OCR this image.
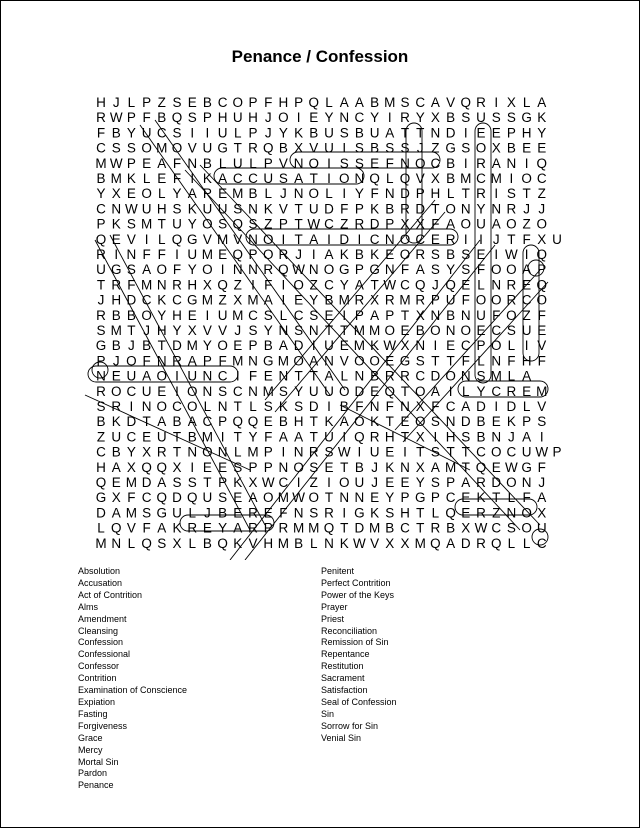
Penance / Confession
HJLPZSEBCOPFHPQLAABMSCAVQRIXLA
RWPFBQSPHUHJOIEYNCYIRYXBSUSSGK
FBYUCSIIULPJYKBUSBUATTNDIEEPHY
CSSOMOVUGTRQBXVUISBSSJZGSOXBEE
MWPEAFNBLULPVNOISSEFNOCBIRANIQ
BMKLEFIKACCUSATIONQLQVXBMCMIOC
YXEOLYAPEMBLJNOLIYFNDPHLTRISTZ
CNWUHSKUUSNKVTUDFPKBRDTONYNRJJ
PKSMTUYOSQSZPTWCZRDPXXFAOUAOZO
QEVILQGVMVNOITAIDICNOCERIIJTFXU
RINFFIUMEQPORJIAKBKEORSBSEIWIQ
UGSAOFYOINNRQWNOGPGNFASYSFOOAP
TRFMNRHXQZIFIOZCYATWCQJQELNREQ
JHDCKCGMZXMAIEYBMRXRMRPUFOORCO
RBBOYHEIUMCSLCSEIPAPTXNBNUFOZF
SMTJHYXVVJSYNSNTTMMOEBONOECSUE
GBJBTDMYOEPBADIUEMKWXNIECPOLIV
PJOFNRAPFMNGMOANVOOEGSTTFLNFHF
NEUAOIUNCIFENTTALNBRRCDONSMLA
ROCUEIONSCNMSYUUODEQTOAILYCREM
SRINOCOLNTLSKSDIBFNFNXFCADIDLV
BKDTABACPQQEBHTKAOKTEOSNDBEKPS
ZUCEUTBMITYFAATUIQRHTXIHSBNJAI
CBYXRTNONLMPINRSWIUEITSTTCOCUWP
HAXQQXIEESPPNOSETBJKNXAMTQEWGF
QEMDASSTPKXWCIZIOUJEEYSPARDONJ
GXFCQDQUSEAOMWOTNNEYPGPCEKTLFA
DAMSGULJBEREFNSRIGKSHTLQERZNOX
LQVFAKREYARPRMMQTDMBCTRBXWCSOU
MNLQSXLBQKVHMBLNKWVXXMQADRQLLC
Absolution
Accusation
Act of Contrition
Alms
Amendment
Cleansing
Confession
Confessional
Confessor
Contrition
Examination of Conscience
Expiation
Fasting
Forgiveness
Grace
Mercy
Mortal Sin
Pardon
Penance
Penitent
Perfect Contrition
Power of the Keys
Prayer
Priest
Reconciliation
Remission of Sin
Repentance
Restitution
Sacrament
Satisfaction
Seal of Confession
Sin
Sorrow for Sin
Venial Sin
